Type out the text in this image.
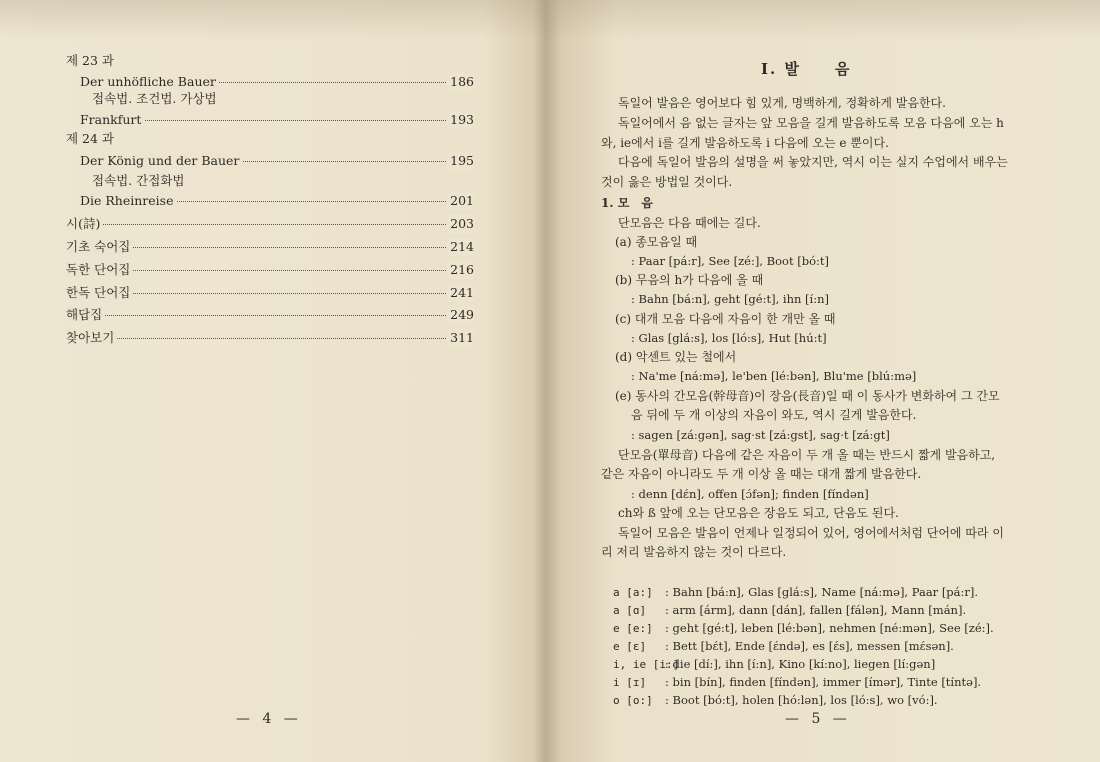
제 23 과
Der unhöfliche Bauer	186
접속법. 조건법. 가상법
Frankfurt	193
제 24 과
Der König und der Bauer	195
접속법. 간접화법
Die Rheinreise	201
시(詩)	203
기초 숙어집	214
독한 단어집	216
한독 단어집	241
해답집	249
찾아보기	311
— 4 —
I. 발　　음
독일어 발음은 영어보다 힘 있게, 명백하게, 정확하게 발음한다.
독일어에서 음 없는 글자는 앞 모음을 길게 발음하도록 모음 다음에 오는 h
와, ie에서 i를 길게 발음하도록 i 다음에 오는 e 뿐이다.
다음에 독일어 발음의 설명을 써 놓았지만, 역시 이는 실지 수업에서 배우는
것이 옳은 방법일 것이다.
1. 모　음
단모음은 다음 때에는 길다.
(a) 종모음일 때
: Paar [pá:r], See [zé:], Boot [bó:t]
(b) 무음의 h가 다음에 올 때
: Bahn [bá:n], geht [gé:t], ihn [í:n]
(c) 대개 모음 다음에 자음이 한 개만 올 때
: Glas [glá:s], los [ló:s], Hut [hú:t]
(d) 악센트 있는 철에서
: Na'me [ná:mə], le'ben [lé:bən], Blu'me [blú:mə]
(e) 동사의 간모음(幹母音)이 장음(長音)일 때 이 동사가 변화하여 그 간모
음 뒤에 두 개 이상의 자음이 와도, 역시 길게 발음한다.
: sagen [zá:gən], sag·st [zá:gst], sag·t [zá:gt]
단모음(單母音) 다음에 같은 자음이 두 개 올 때는 반드시 짧게 발음하고,
같은 자음이 아니라도 두 개 이상 올 때는 대개 짧게 발음한다.
: denn [dɛ́n], offen [ɔ́fən]; finden [fíndən]
ch와 ß 앞에 오는 단모음은 장음도 되고, 단음도 된다.
독일어 모음은 발음이 언제나 일정되어 있어, 영어에서처럼 단어에 따라 이
리 저리 발음하지 않는 것이 다르다.
a [a:] : Bahn [bá:n], Glas [glá:s], Name [ná:mə], Paar [pá:r].
a [ɑ] : arm [árm], dann [dán], fallen [fálən], Mann [mán].
e [e:] : geht [gé:t], leben [lé:bən], nehmen [né:mən], See [zé:].
e [ɛ] : Bett [bɛ́t], Ende [ɛ́ndə], es [ɛ́s], messen [mɛ́sən].
i, ie [i:]: die [dí:], ihn [í:n], Kino [kí:no], liegen [lí:gən]
i [ɪ] : bin [bín], finden [fíndən], immer [ímər], Tinte [tíntə].
o [o:] : Boot [bó:t], holen [hó:lən], los [ló:s], wo [vó:].
— 5 —
